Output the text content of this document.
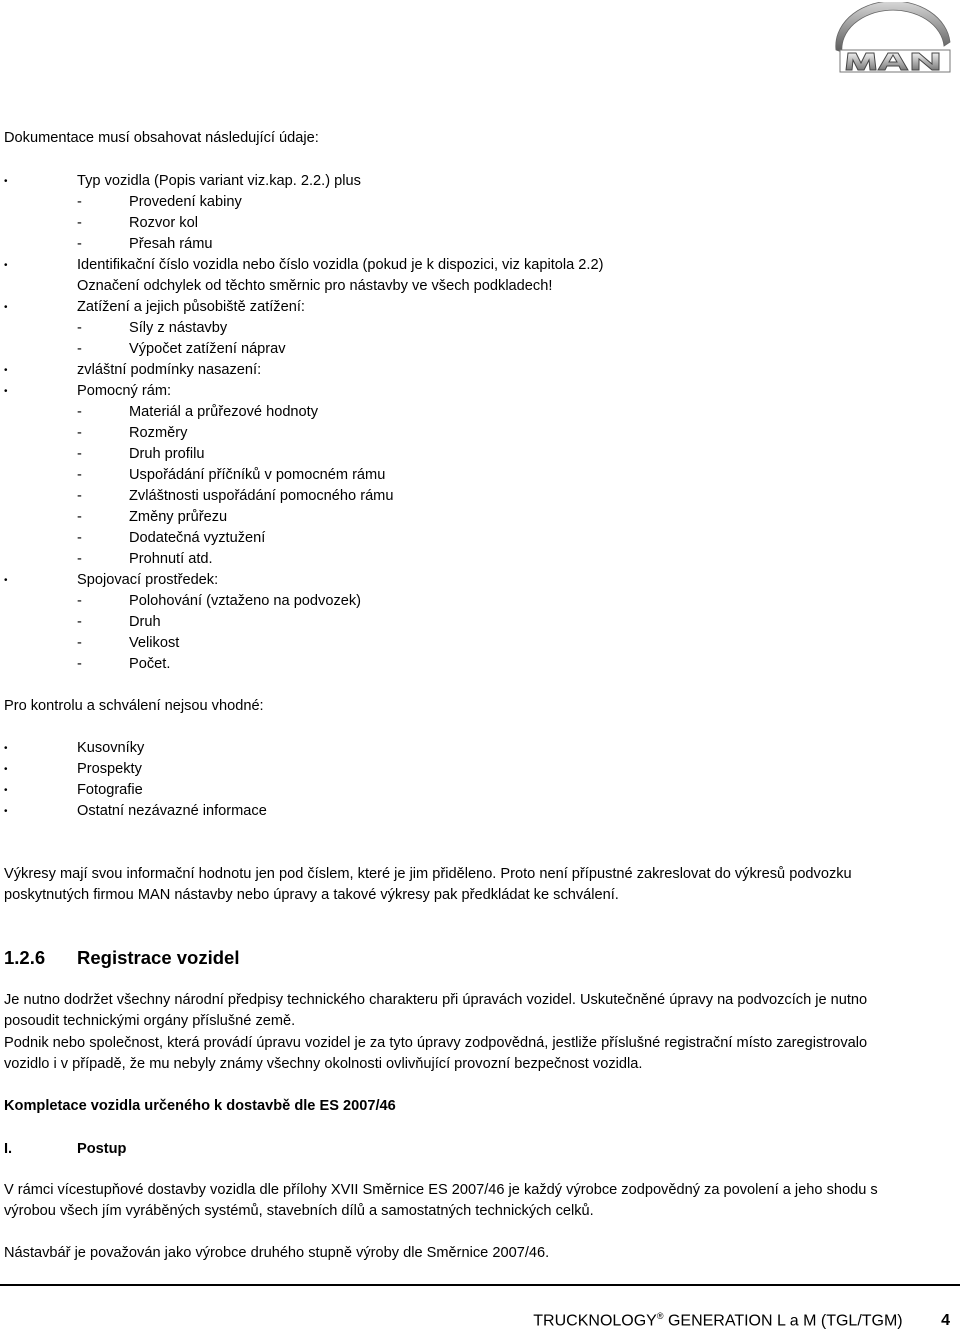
MAN
Dokumentace musí obsahovat následující údaje:
•	Typ vozidla (Popis variant viz.kap. 2.2.) plus
-	Provedení kabiny
-	Rozvor kol
-	Přesah rámu
•	Identifikační číslo vozidla nebo číslo vozidla (pokud je k dispozici, viz kapitola 2.2)
Označení odchylek od těchto směrnic pro nástavby ve všech podkladech!
•	Zatížení a jejich působiště zatížení:
-	Síly z nástavby
-	Výpočet zatížení náprav
•	zvláštní podmínky nasazení:
•	Pomocný rám:
-	Materiál a průřezové hodnoty
-	Rozměry
-	Druh profilu
-	Uspořádání příčníků v pomocném rámu
-	Zvláštnosti uspořádání pomocného rámu
-	Změny průřezu
-	Dodatečná vyztužení
-	Prohnutí atd.
•	Spojovací prostředek:
-	Polohování (vztaženo na podvozek)
-	Druh
-	Velikost
-	Počet.
Pro kontrolu a schválení nejsou vhodné:
•	Kusovníky
•	Prospekty
•	Fotografie
•	Ostatní nezávazné informace
Výkresy mají svou informační hodnotu jen pod číslem, které je jim přiděleno. Proto není přípustné zakreslovat do výkresů podvozku
poskytnutých firmou MAN nástavby nebo úpravy a takové výkresy pak předkládat ke schválení.
1.2.6 Registrace vozidel
Je nutno dodržet všechny národní předpisy technického charakteru při úpravách vozidel. Uskutečněné úpravy na podvozcích je nutno
posoudit technickými orgány příslušné země.
Podnik nebo společnost, která provádí úpravu vozidel je za tyto úpravy zodpovědná, jestliže příslušné registrační místo zaregistrovalo
vozidlo i v případě, že mu nebyly známy všechny okolnosti ovlivňující provozní bezpečnost vozidla.
Kompletace vozidla určeného k dostavbě dle ES 2007/46
I.	Postup
V rámci vícestupňové dostavby vozidla dle přílohy XVII Směrnice ES 2007/46 je každý výrobce zodpovědný za povolení a jeho shodu s
výrobou všech jím vyráběných systémů, stavebních dílů a samostatných technických celků.
Nástavbář je považován jako výrobce druhého stupně výroby dle Směrnice 2007/46.
TRUCKNOLOGY® GENERATION L a M (TGL/TGM) 4
